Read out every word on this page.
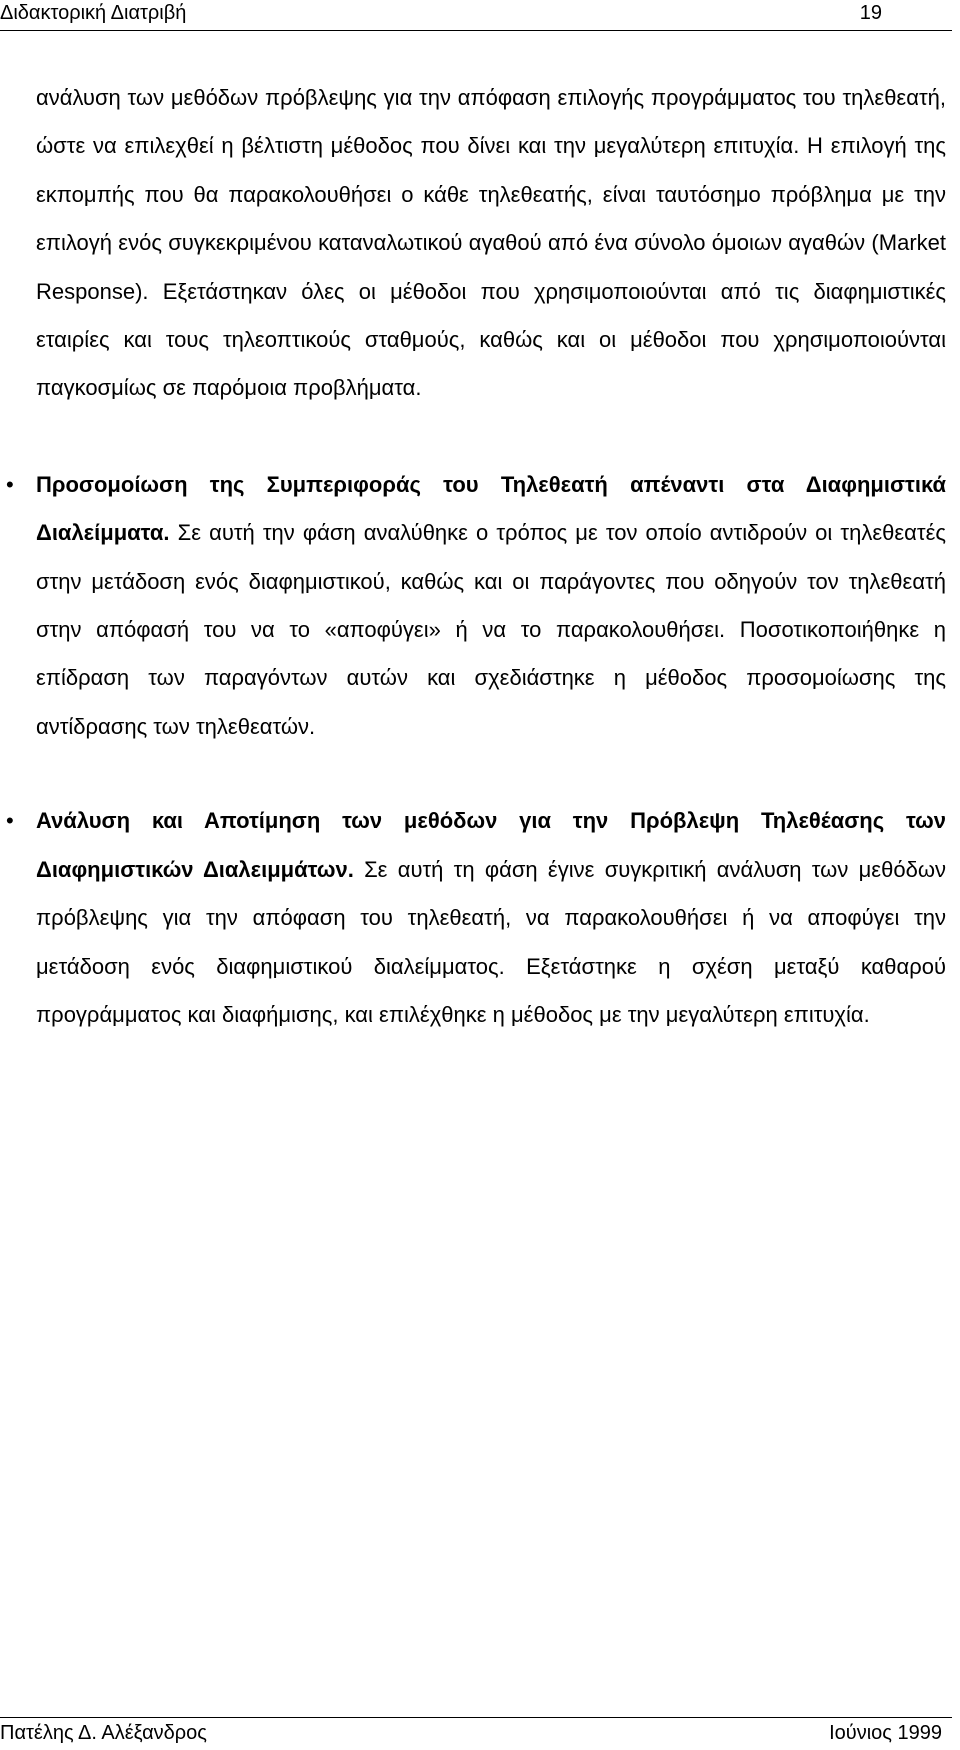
Διδακτορική Διατριβή	19

ανάλυση των μεθόδων πρόβλεψης για την απόφαση επιλογής προγράμματος του τηλεθεατή, ώστε να επιλεχθεί η βέλτιστη μέθοδος που δίνει και την μεγαλύτερη επιτυχία. Η επιλογή της εκπομπής που θα παρακολουθήσει ο κάθε τηλεθεατής, είναι ταυτόσημο πρόβλημα με την επιλογή ενός συγκεκριμένου καταναλωτικού αγαθού από ένα σύνολο όμοιων αγαθών (Market Response). Εξετάστηκαν όλες οι μέθοδοι που χρησιμοποιούνται από τις διαφημιστικές εταιρίες και τους τηλεοπτικούς σταθμούς, καθώς και οι μέθοδοι που χρησιμοποιούνται παγκοσμίως σε παρόμοια προβλήματα.

• Προσομοίωση της Συμπεριφοράς του Τηλεθεατή απέναντι στα Διαφημιστικά Διαλείμματα. Σε αυτή την φάση αναλύθηκε ο τρόπος με τον οποίο αντιδρούν οι τηλεθεατές στην μετάδοση ενός διαφημιστικού, καθώς και οι παράγοντες που οδηγούν τον τηλεθεατή στην απόφασή του να το «αποφύγει» ή να το παρακολουθήσει. Ποσοτικοποιήθηκε η επίδραση των παραγόντων αυτών και σχεδιάστηκε η μέθοδος προσομοίωσης της αντίδρασης των τηλεθεατών.
• Ανάλυση και Αποτίμηση των μεθόδων για την Πρόβλεψη Τηλεθέασης των Διαφημιστικών Διαλειμμάτων. Σε αυτή τη φάση έγινε συγκριτική ανάλυση των μεθόδων πρόβλεψης για την απόφαση του τηλεθεατή, να παρακολουθήσει ή να αποφύγει την μετάδοση ενός διαφημιστικού διαλείμματος. Εξετάστηκε η σχέση μεταξύ καθαρού προγράμματος και διαφήμισης, και επιλέχθηκε η μέθοδος με την μεγαλύτερη επιτυχία.
Πατέλης Δ. Αλέξανδρος	Ιούνιος 1999
